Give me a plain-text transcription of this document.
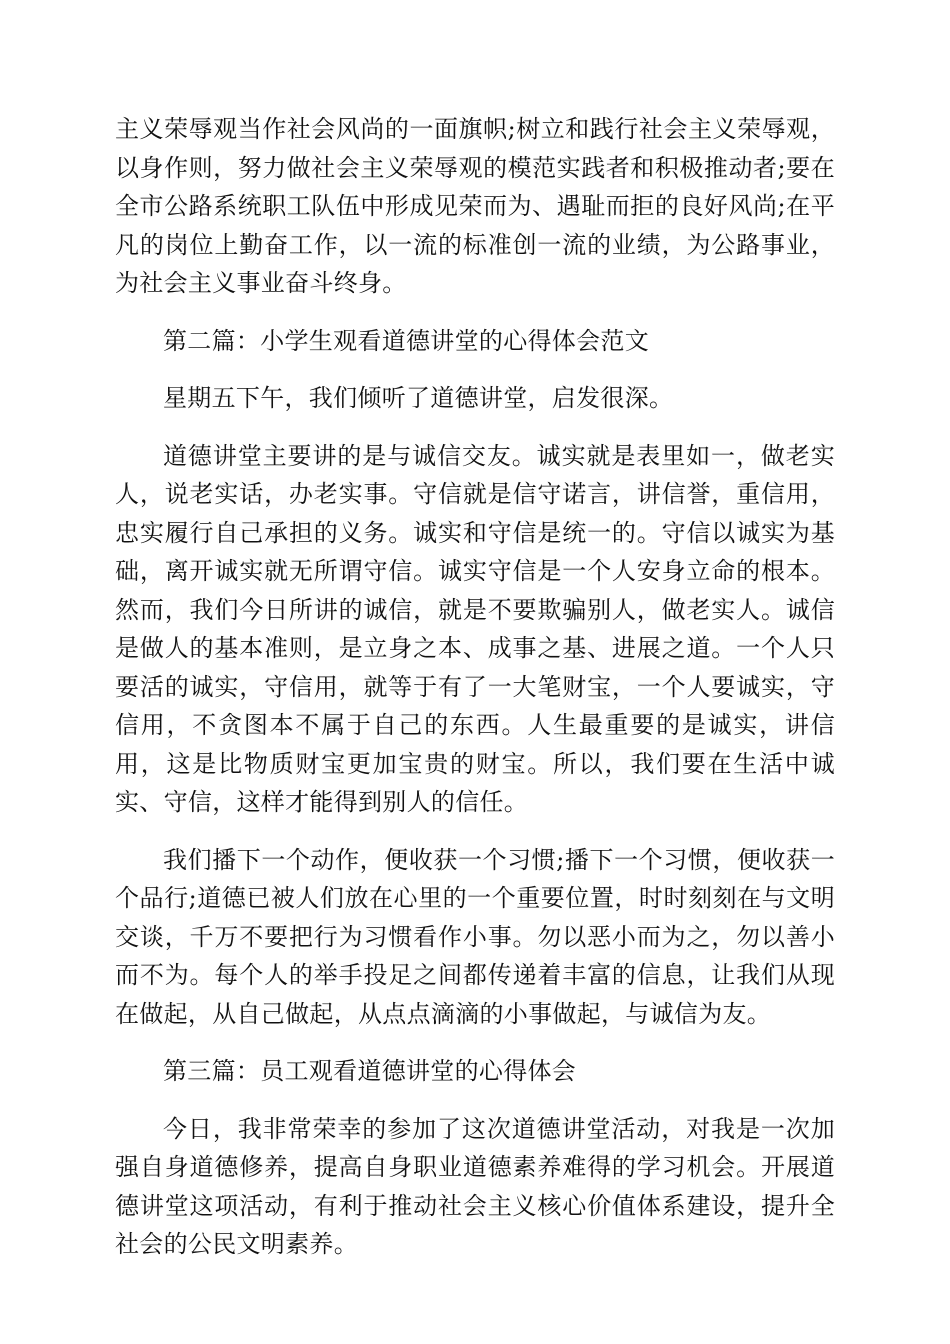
主义荣辱观当作社会风尚的一面旗帜;树立和践行社会主义荣辱观，以身作则，努力做社会主义荣辱观的模范实践者和积极推动者;要在全市公路系统职工队伍中形成见荣而为、遇耻而拒的良好风尚;在平凡的岗位上勤奋工作，以一流的标准创一流的业绩，为公路事业，为社会主义事业奋斗终身。

第二篇：小学生观看道德讲堂的心得体会范文

星期五下午，我们倾听了道德讲堂，启发很深。

道德讲堂主要讲的是与诚信交友。诚实就是表里如一，做老实人，说老实话，办老实事。守信就是信守诺言，讲信誉，重信用，忠实履行自己承担的义务。诚实和守信是统一的。守信以诚实为基础，离开诚实就无所谓守信。诚实守信是一个人安身立命的根本。然而，我们今日所讲的诚信，就是不要欺骗别人，做老实人。诚信是做人的基本准则，是立身之本、成事之基、进展之道。一个人只要活的诚实，守信用，就等于有了一大笔财宝，一个人要诚实，守信用，不贪图本不属于自己的东西。人生最重要的是诚实，讲信用，这是比物质财宝更加宝贵的财宝。所以，我们要在生活中诚实、守信，这样才能得到别人的信任。

我们播下一个动作，便收获一个习惯;播下一个习惯，便收获一个品行;道德已被人们放在心里的一个重要位置，时时刻刻在与文明交谈，千万不要把行为习惯看作小事。勿以恶小而为之，勿以善小而不为。每个人的举手投足之间都传递着丰富的信息，让我们从现在做起，从自己做起，从点点滴滴的小事做起，与诚信为友。

第三篇：员工观看道德讲堂的心得体会

今日，我非常荣幸的参加了这次道德讲堂活动，对我是一次加强自身道德修养，提高自身职业道德素养难得的学习机会。开展道德讲堂这项活动，有利于推动社会主义核心价值体系建设，提升全社会的公民文明素养。
